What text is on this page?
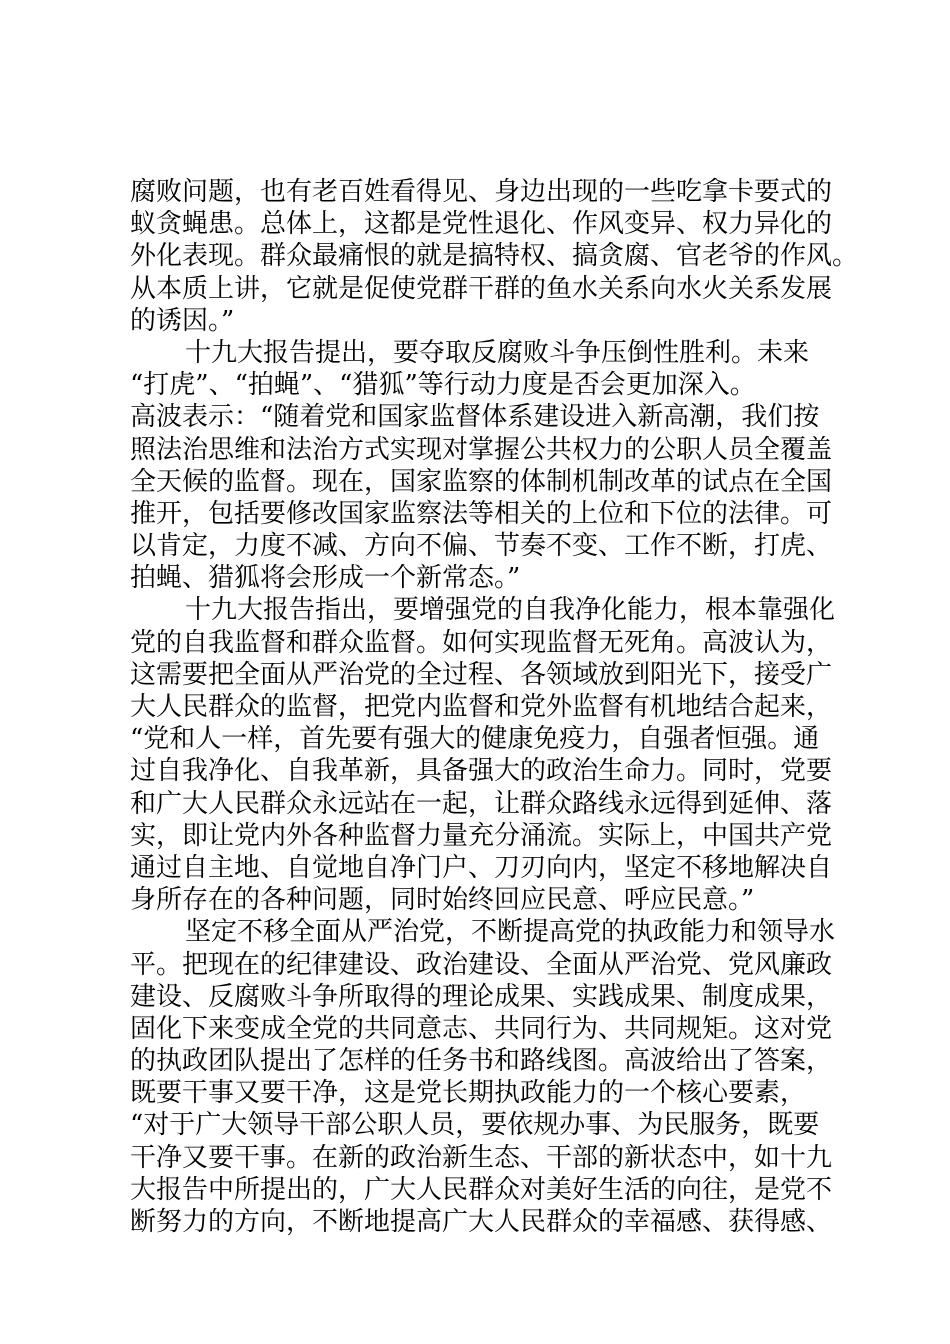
腐败问题，也有老百姓看得见、身边出现的一些吃拿卡要式的
蚁贪蝇患。总体上，这都是党性退化、作风变异、权力异化的
外化表现。群众最痛恨的就是搞特权、搞贪腐、官老爷的作风。
从本质上讲，它就是促使党群干群的鱼水关系向水火关系发展
的诱因。”
十九大报告提出，要夺取反腐败斗争压倒性胜利。未来
“打虎”、“拍蝇”、“猎狐”等行动力度是否会更加深入。
高波表示：“随着党和国家监督体系建设进入新高潮，我们按
照法治思维和法治方式实现对掌握公共权力的公职人员全覆盖
全天候的监督。现在，国家监察的体制机制改革的试点在全国
推开，包括要修改国家监察法等相关的上位和下位的法律。可
以肯定，力度不减、方向不偏、节奏不变、工作不断，打虎、
拍蝇、猎狐将会形成一个新常态。”
十九大报告指出，要增强党的自我净化能力，根本靠强化
党的自我监督和群众监督。如何实现监督无死角。高波认为，
这需要把全面从严治党的全过程、各领域放到阳光下，接受广
大人民群众的监督，把党内监督和党外监督有机地结合起来，
“党和人一样，首先要有强大的健康免疫力，自强者恒强。通
过自我净化、自我革新，具备强大的政治生命力。同时，党要
和广大人民群众永远站在一起，让群众路线永远得到延伸、落
实，即让党内外各种监督力量充分涌流。实际上，中国共产党
通过自主地、自觉地自净门户、刀刃向内，坚定不移地解决自
身所存在的各种问题，同时始终回应民意、呼应民意。”
坚定不移全面从严治党，不断提高党的执政能力和领导水
平。把现在的纪律建设、政治建设、全面从严治党、党风廉政
建设、反腐败斗争所取得的理论成果、实践成果、制度成果，
固化下来变成全党的共同意志、共同行为、共同规矩。这对党
的执政团队提出了怎样的任务书和路线图。高波给出了答案，
既要干事又要干净，这是党长期执政能力的一个核心要素，
“对于广大领导干部公职人员，要依规办事、为民服务，既要
干净又要干事。在新的政治新生态、干部的新状态中，如十九
大报告中所提出的，广大人民群众对美好生活的向往，是党不
断努力的方向，不断地提高广大人民群众的幸福感、获得感、
